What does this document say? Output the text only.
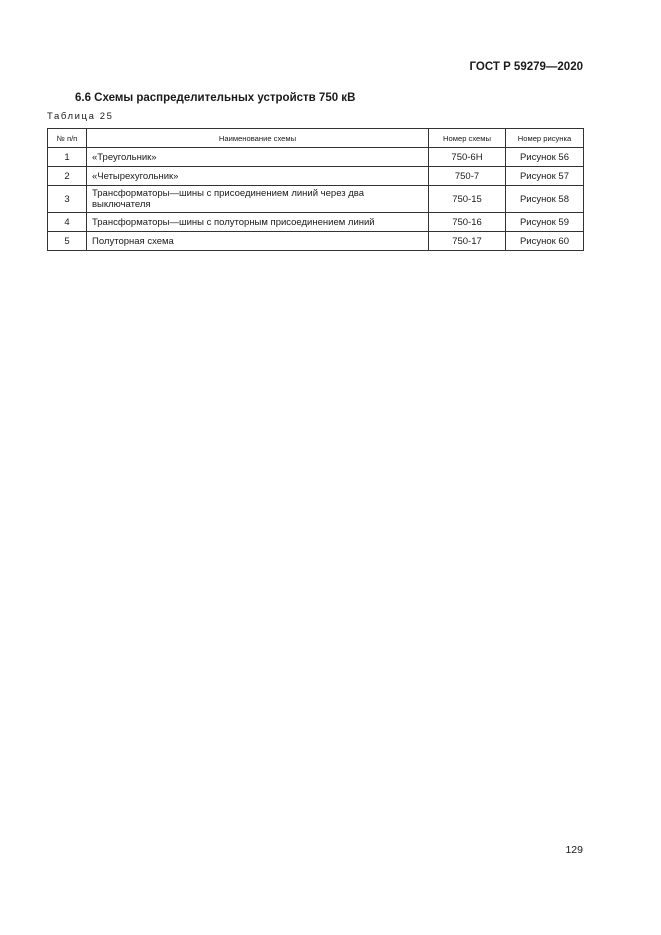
ГОСТ Р 59279—2020

6.6 Схемы распределительных устройств 750 кВ

Таблица 25

№ п/п	Наименование схемы	Номер схемы	Номер рисунка
1	«Треугольник»	750-6Н	Рисунок 56
2	«Четырехугольник»	750-7	Рисунок 57
3	Трансформаторы—шины с присоединением линий через два выключателя	750-15	Рисунок 58
4	Трансформаторы—шины с полуторным присоединением линий	750-16	Рисунок 59
5	Полуторная схема	750-17	Рисунок 60

129
